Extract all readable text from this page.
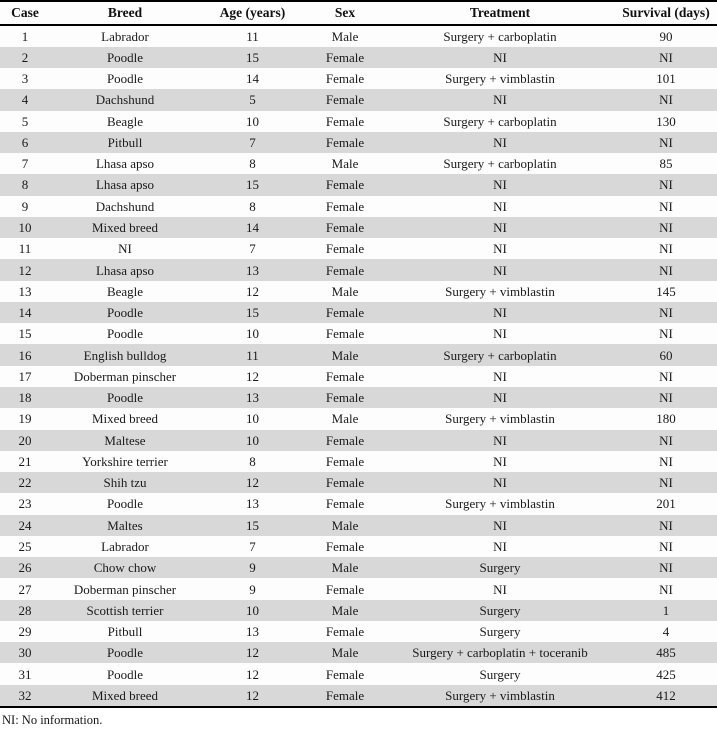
Case	Breed	Age (years)	Sex	Treatment	Survival (days)
1	Labrador	11	Male	Surgery + carboplatin	90
2	Poodle	15	Female	NI	NI
3	Poodle	14	Female	Surgery + vimblastin	101
4	Dachshund	5	Female	NI	NI
5	Beagle	10	Female	Surgery + carboplatin	130
6	Pitbull	7	Female	NI	NI
7	Lhasa apso	8	Male	Surgery + carboplatin	85
8	Lhasa apso	15	Female	NI	NI
9	Dachshund	8	Female	NI	NI
10	Mixed breed	14	Female	NI	NI
11	NI	7	Female	NI	NI
12	Lhasa apso	13	Female	NI	NI
13	Beagle	12	Male	Surgery + vimblastin	145
14	Poodle	15	Female	NI	NI
15	Poodle	10	Female	NI	NI
16	English bulldog	11	Male	Surgery + carboplatin	60
17	Doberman pinscher	12	Female	NI	NI
18	Poodle	13	Female	NI	NI
19	Mixed breed	10	Male	Surgery + vimblastin	180
20	Maltese	10	Female	NI	NI
21	Yorkshire terrier	8	Female	NI	NI
22	Shih tzu	12	Female	NI	NI
23	Poodle	13	Female	Surgery + vimblastin	201
24	Maltes	15	Male	NI	NI
25	Labrador	7	Female	NI	NI
26	Chow chow	9	Male	Surgery	NI
27	Doberman pinscher	9	Female	NI	NI
28	Scottish terrier	10	Male	Surgery	1
29	Pitbull	13	Female	Surgery	4
30	Poodle	12	Male	Surgery + carboplatin + toceranib	485
31	Poodle	12	Female	Surgery	425
32	Mixed breed	12	Female	Surgery + vimblastin	412
NI: No information.
